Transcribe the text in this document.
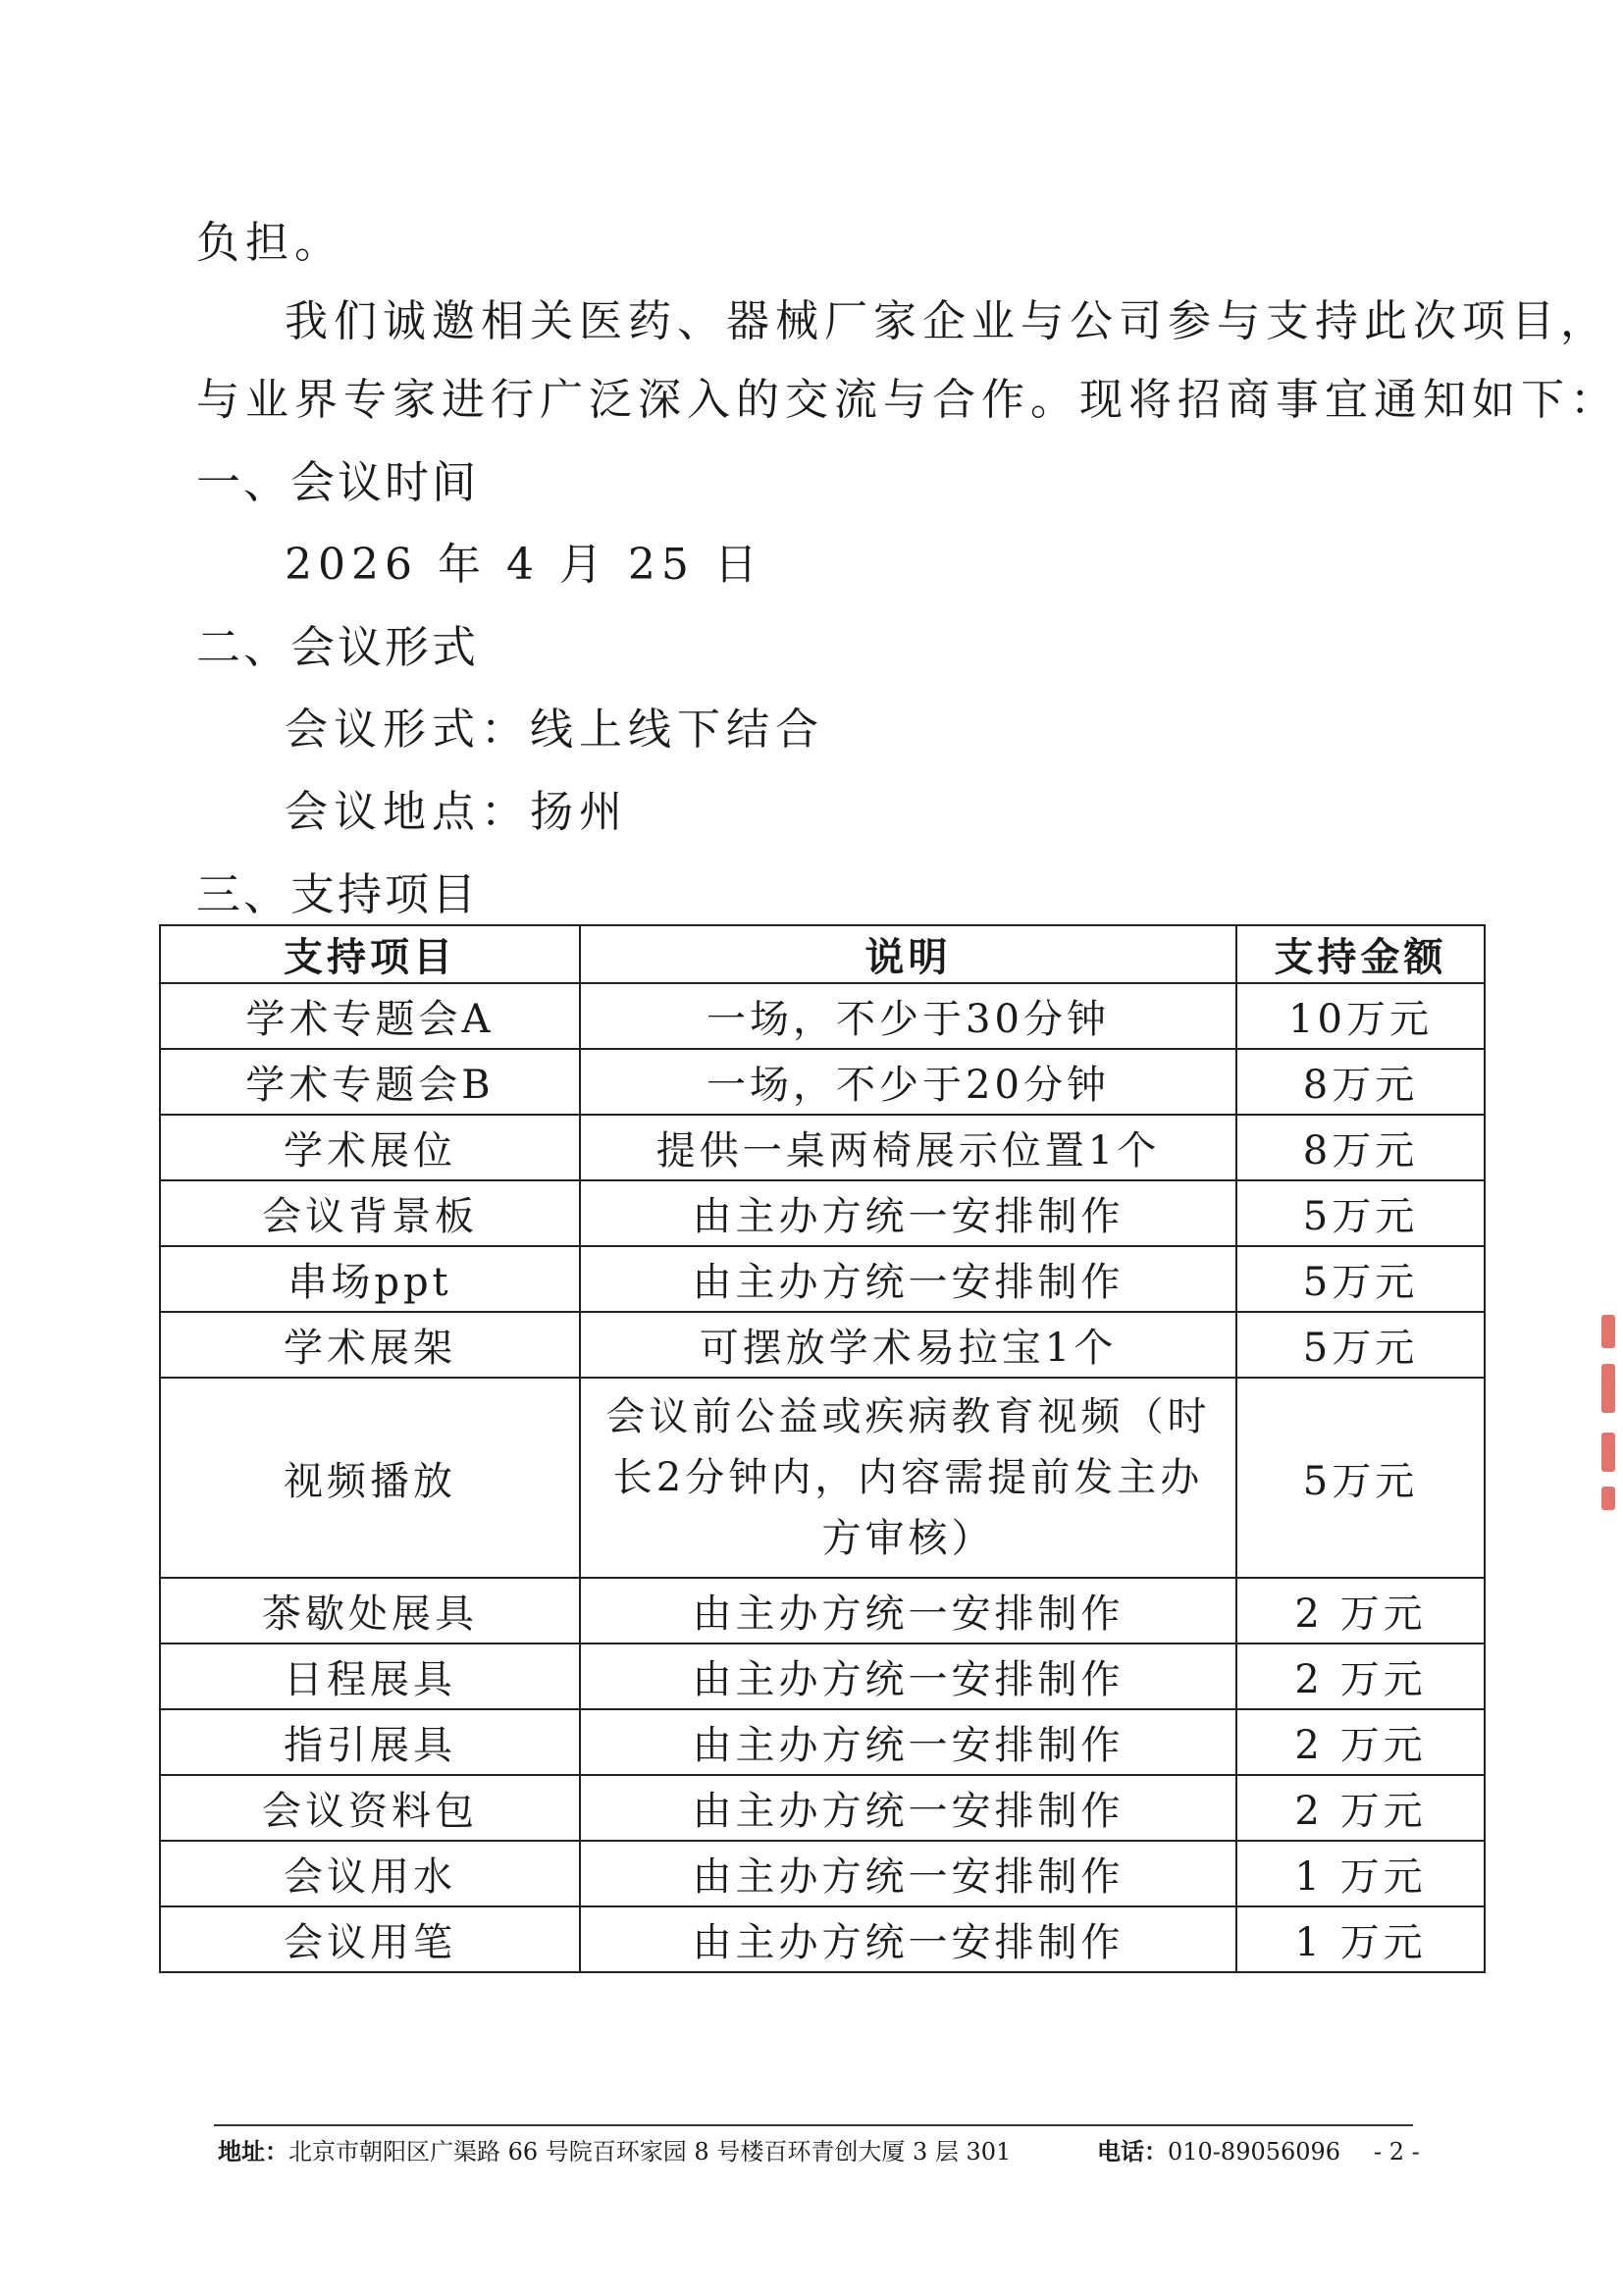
负担。
我们诚邀相关医药、器械厂家企业与公司参与支持此次项目，
与业界专家进行广泛深入的交流与合作。现将招商事宜通知如下：
一、会议时间
2026 年 4 月 25 日
二、会议形式
会议形式：线上线下结合
会议地点：扬州
三、支持项目
支持项目	说明	支持金额
学术专题会A	一场，不少于30分钟	10万元
学术专题会B	一场，不少于20分钟	8万元
学术展位	提供一桌两椅展示位置1个	8万元
会议背景板	由主办方统一安排制作	5万元
串场ppt	由主办方统一安排制作	5万元
学术展架	可摆放学术易拉宝1个	5万元
视频播放	会议前公益或疾病教育视频（时长2分钟内，内容需提前发主办方审核）	5万元
茶歇处展具	由主办方统一安排制作	2 万元
日程展具	由主办方统一安排制作	2 万元
指引展具	由主办方统一安排制作	2 万元
会议资料包	由主办方统一安排制作	2 万元
会议用水	由主办方统一安排制作	1 万元
会议用笔	由主办方统一安排制作	1 万元
地址：北京市朝阳区广渠路 66 号院百环家园 8 号楼百环青创大厦 3 层 301	电话：010-89056096 - 2 -
